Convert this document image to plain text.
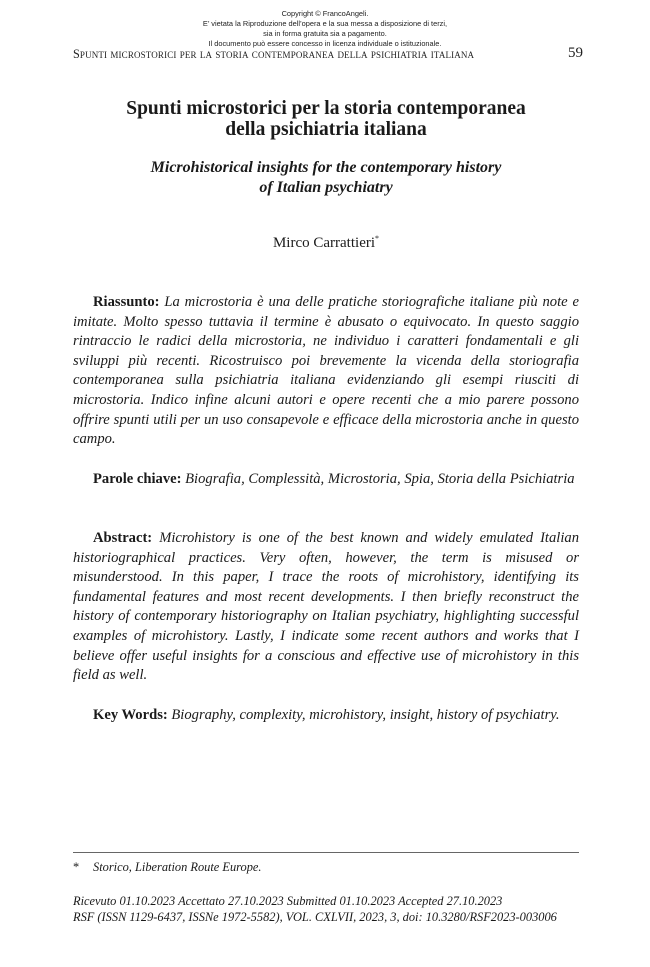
Copyright © FrancoAngeli.
E’ vietata la Riproduzione dell’opera e la sua messa a disposizione di terzi,
sia in forma gratuita sia a pagamento.
Il documento può essere concesso in licenza individuale o istituzionale.
Spunti microstorici per la storia contemporanea della psichiatria italiana	59
Spunti microstorici per la storia contemporanea
della psichiatria italiana
Microhistorical insights for the contemporary history
of Italian psychiatry
Mirco Carrattieri*
Riassunto: La microstoria è una delle pratiche storiografiche italiane più note e imitate. Molto spesso tuttavia il termine è abusato o equivocato. In questo saggio rintraccio le radici della microstoria, ne individuo i caratteri fondamentali e gli sviluppi più recenti. Ricostruisco poi brevemente la vicenda della storiografia contemporanea sulla psichiatria italiana evidenziando gli esempi riusciti di microstoria. Indico infine alcuni autori e opere recenti che a mio parere possono offrire spunti utili per un uso consapevole e efficace della microstoria anche in questo campo.
Parole chiave: Biografia, Complessità, Microstoria, Spia, Storia della Psichiatria
Abstract: Microhistory is one of the best known and widely emulated Italian historiographical practices. Very often, however, the term is misused or misunderstood. In this paper, I trace the roots of microhistory, identifying its fundamental features and most recent developments. I then briefly reconstruct the history of contemporary historiography on Italian psychiatry, highlighting successful examples of microhistory. Lastly, I indicate some recent authors and works that I believe offer useful insights for a conscious and effective use of microhistory in this field as well.
Key Words: Biography, complexity, microhistory, insight, history of psychiatry.
* Storico, Liberation Route Europe.
Ricevuto 01.10.2023 Accettato 27.10.2023 Submitted 01.10.2023 Accepted 27.10.2023
RSF (ISSN 1129-6437, ISSNe 1972-5582), VOL. CXLVII, 2023, 3, doi: 10.3280/RSF2023-003006
